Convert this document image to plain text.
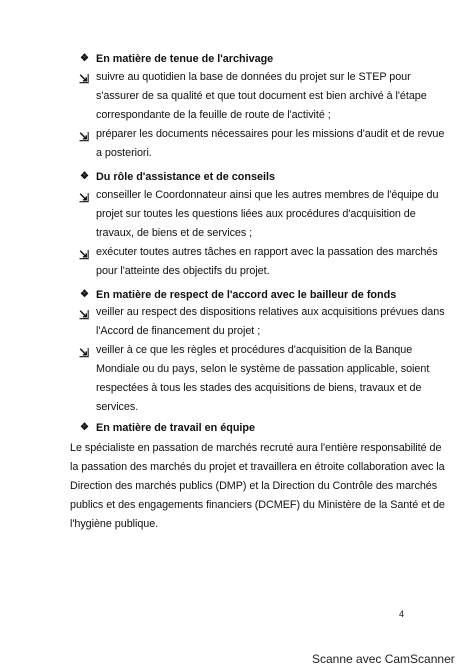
❖ En matière de tenue de l'archivage
⇲ suivre au quotidien la base de données du projet sur le STEP pour
s'assurer de sa qualité et que tout document est bien archivé à l'étape
correspondante de la feuille de route de l'activité ;
⇲ préparer les documents nécessaires pour les missions d'audit et de revue
a posteriori.
❖ Du rôle d'assistance et de conseils
⇲ conseiller le Coordonnateur ainsi que les autres membres de l'équipe du
projet sur toutes les questions liées aux procédures d'acquisition de
travaux, de biens et de services ;
⇲ exécuter toutes autres tâches en rapport avec la passation des marchés
pour l'atteinte des objectifs du projet.
❖ En matière de respect de l'accord avec le bailleur de fonds
⇲ veiller au respect des dispositions relatives aux acquisitions prévues dans
l'Accord de financement du projet ;
⇲ veiller à ce que les règles et procédures d'acquisition de la Banque
Mondiale ou du pays, selon le système de passation applicable, soient
respectées à tous les stades des acquisitions de biens, travaux et de
services.
❖ En matière de travail en équipe
Le spécialiste en passation de marchés recruté aura l'entière responsabilité de
la passation des marchés du projet et travaillera en étroite collaboration avec la
Direction des marchés publics (DMP) et la Direction du Contrôle des marchés
publics et des engagements financiers (DCMEF) du Ministère de la Santé et de
l'hygiène publique.
4
Scanne avec CamScanner
